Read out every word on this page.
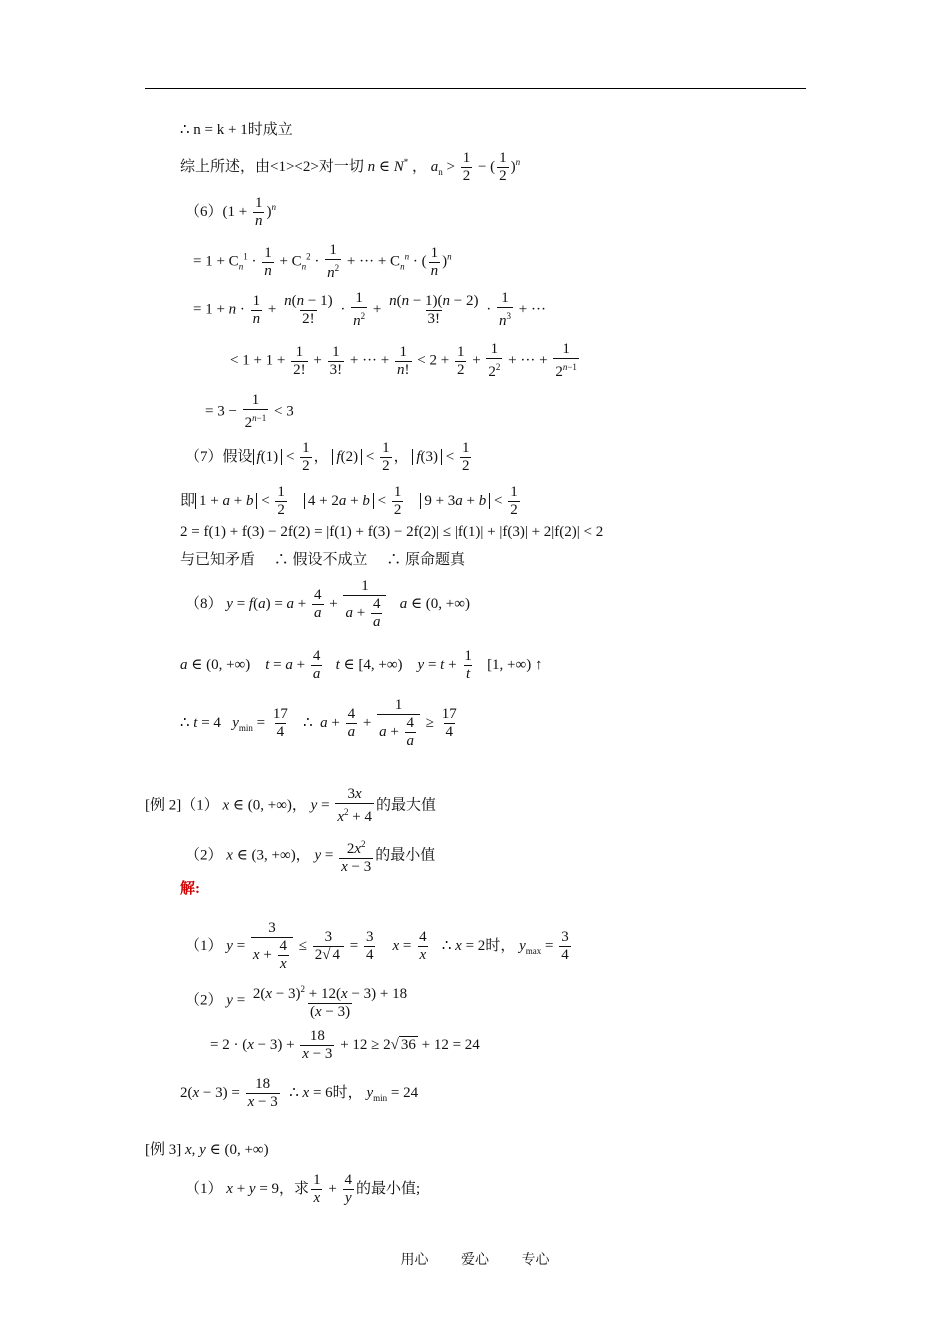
∴ n = k + 1时成立
综上所述，由<1><2>对一切 n ∈ N* ， $a_n > \frac{1}{2}$ − ( $\frac{1}{2} )^n$
$(6)(1 + \frac{1}{n} )^n$
= $1 + C_n^1 \cdot \frac{1}{n} + C_n^2 \cdot \frac{1}{n^2}$ + ··· + $C_n^n$ · ( $\frac{1}{n} )^n$
= $1 + n \cdot \frac{1}{n} + \frac{n(n - 1)}{2!} \cdot \frac{1}{n^2} + \frac{n(n - 1)(n - 2)}{3!} \cdot \frac{1}{n^3}$ + ···
< $1 + 1 + \frac{1}{2!} + \frac{1}{3!}$ + ··· + $\frac{1}{n!} < 2 + \frac{1}{2} + \frac{1}{2^2}$ + ··· + $\frac{1}{2^{n-1}}$
= $3 - \frac{1}{2^{n-1}} < 3$
（7）假设 $f(1) < \frac{1}{2}$ ， $f(2) < \frac{1}{2}$ ， $f(3) < \frac{1}{2}$
即 $1 + a + b < \frac{1}{2} 4 + 2a + b < \frac{1}{2} 9 + 3a + b < \frac{1}{2}$
2 = f(1) + f(3) − 2f(2) = |f(1) + f(3) − 2f(2)| ≤ |f(1)| + |f(3)| + 2|f(2)| < 2
与已知矛盾　 ∴ 假设不成立　 ∴ 原命题真
（8） $y = f(a) = a + \frac{4}{a} + \frac{1}{a + \frac{4}{a}}$ a ∈ (0, +∞)
a ∈ (0, +∞)    $t = a + \frac{4}{a}$ t ∈ [4, +∞)    $y = t + \frac{1}{t} [1$, +∞) ↑
∴ t = 4   $y_{min} = \frac{17}{4}$ ∴  $a + \frac{4}{a} + \frac{1}{a + \frac{4}{a}} \ge \frac{17}{4}$
[例 2]（1） x ∈ (0, +∞)， $y = \frac{3x}{x^2 + 4}$ 的最大值
（2） x ∈ (3, +∞)， $y = \frac{2x^2}{x - 3}$ 的最小值
解:
（1） $y = \frac{3}{x + \frac{4}{x}} \le \frac{3}{2√ 4} = \frac{3}{4}$ $x = \frac{4}{x}$ ∴ x = 2时， $y_{max} = \frac{3}{4}$
（2） $y = \frac{2(x - 3)^2 + 12(x - 3) + 18}{(x - 3)}$
= $2 \cdot (x - 3) + \frac{18}{x - 3} + 12 \ge 2√$ 36 + 12 = 24
$2(x - 3) = \frac{18}{x - 3}$ ∴ x = 6时， $y_{min} = 24$
[例 3] x, y ∈ (0, +∞)
（1） x + y = 9，求 $\frac{1}{x} + \frac{4}{y}$ 的最小值;
用心 爱心 专心
